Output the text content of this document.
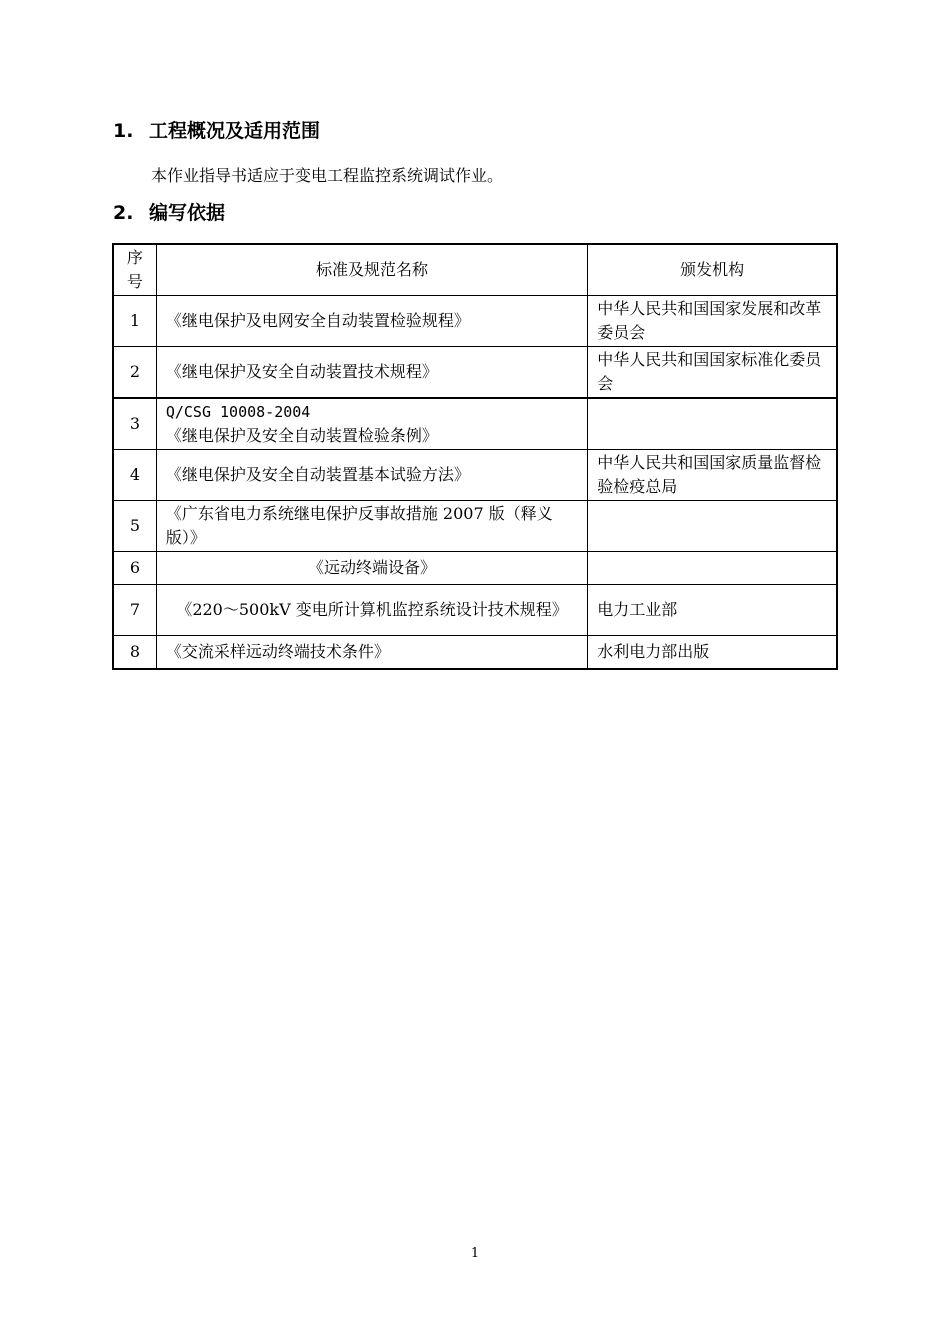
1. 工程概况及适用范围

本作业指导书适应于变电工程监控系统调试作业。

2. 编写依据
序号	标准及规范名称	颁发机构
1	《继电保护及电网安全自动装置检验规程》	中华人民共和国国家发展和改革委员会
2	《继电保护及安全自动装置技术规程》	中华人民共和国国家标准化委员会
3	Q/CSG 10008-2004《继电保护及安全自动装置检验条例》	
4	《继电保护及安全自动装置基本试验方法》	中华人民共和国国家质量监督检验检疫总局
5	《广东省电力系统继电保护反事故措施 2007 版（释义版）》	
6	《远动终端设备》	
7	《220～500kV 变电所计算机监控系统设计技术规程》	电力工业部
8	《交流采样远动终端技术条件》	水利电力部出版
1
